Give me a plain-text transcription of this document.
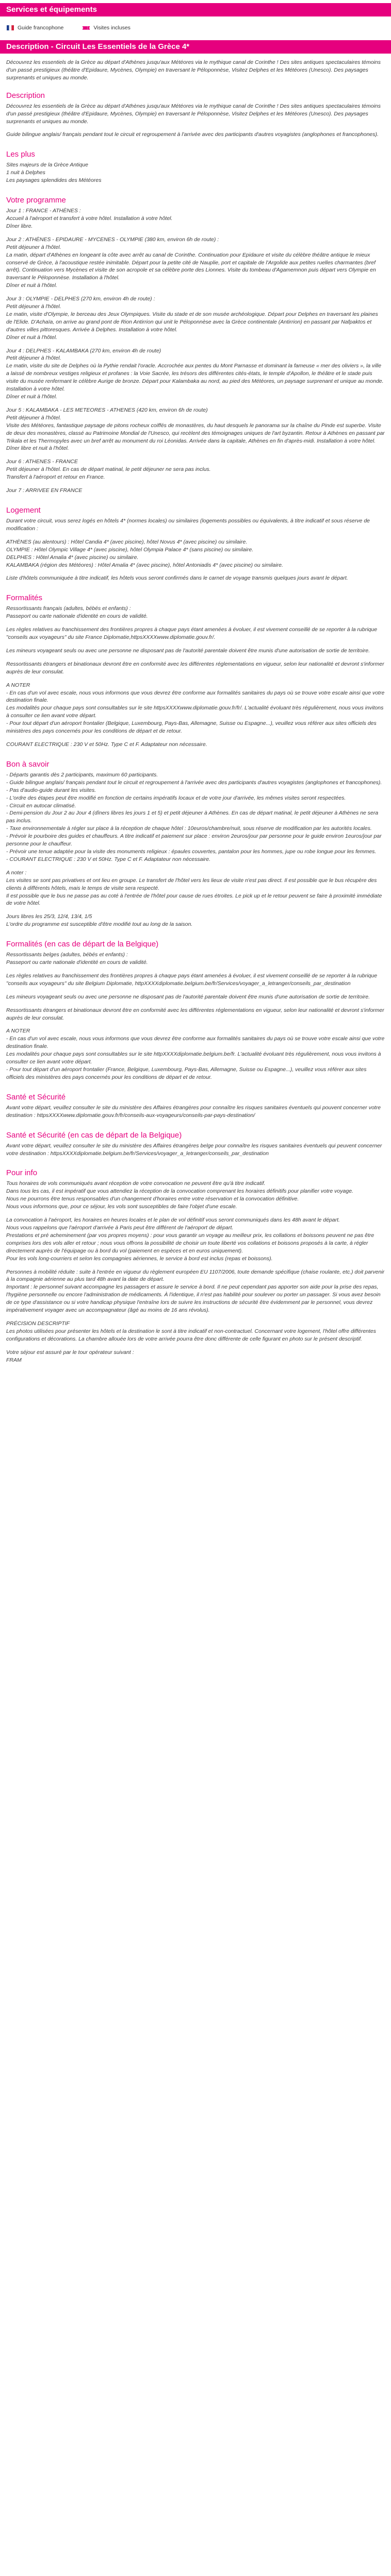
Services et équipements
Guide francophone	Visites incluses
Description - Circuit Les Essentiels de la Grèce 4*

Découvrez les essentiels de la Grèce au départ d'Athènes jusqu'aux Météores via le mythique canal de Corinthe ! Des sites antiques spectaculaires témoins d'un passé prestigieux (théâtre d'Epidaure, Mycènes, Olympie) en traversant le Péloponnèse, Visitez Delphes et les Météores (Unesco). Des paysages surprenants et uniques au monde.

Description

Découvrez les essentiels de la Grèce au départ d'Athènes jusqu'aux Météores via le mythique canal de Corinthe ! Des sites antiques spectaculaires témoins d'un passé prestigieux (théâtre d'Epidaure, Mycènes, Olympie) en traversant le Péloponnèse, Visitez Delphes et les Météores (Unesco). Des paysages surprenants et uniques au monde.

Guide bilingue anglais/ français pendant tout le circuit et regroupement à l'arrivée avec des participants d'autres voyagistes (anglophones et francophones).

Les plus

Sites majeurs de la Grèce Antique
1 nuit à Delphes
Les paysages splendides des Météores

Votre programme

Jour 1 : FRANCE - ATHÈNES :
Accueil à l'aéroport et transfert à votre hôtel. Installation à votre hôtel.
Dîner libre.

Jour 2 : ATHÈNES - EPIDAURE - MYCENES - OLYMPIE (380 km, environ 6h de route) :
Petit déjeuner à l'hôtel.
La matin, départ d'Athènes en longeant la côte avec arrêt au canal de Corinthe. Continuation pour Epidaure et visite du célèbre théâtre antique le mieux conservé de Grèce, à l'acoustique restée inimitable. Départ pour la petite cité de Nauplie, port et capitale de l'Argolide aux petites ruelles charmantes (bref arrêt). Continuation vers Mycènes et visite de son acropole et sa célèbre porte des Lionnes. Visite du tombeau d'Agamemnon puis départ vers Olympie en traversant le Péloponnèse. Installation à l'hôtel.
Dîner et nuit à l'hôtel.

Jour 3 : OLYMPIE - DELPHES (270 km, environ 4h de route) :
Petit déjeuner à l'hôtel.
Le matin, visite d'Olympie, le berceau des Jeux Olympiques. Visite du stade et de son musée archéologique. Départ pour Delphes en traversant les plaines de l'Elide. D'Achaïa, on arrive au grand pont de Rion Antirrion qui unit le Péloponnèse avec la Grèce continentale (Antirrion) en passant par Nafpaktos et d'autres villes pittoresques. Arrivée à Delphes. Installation à votre hôtel.
Dîner et nuit à l'hôtel.

Jour 4 : DELPHES - KALAMBAKA (270 km, environ 4h de route)
Petit déjeuner à l'hôtel.
Le matin, visite du site de Delphes où la Pythie rendait l'oracle. Accrochée aux pentes du Mont Parnasse et dominant la fameuse « mer des oliviers », la ville a laissé de nombreux vestiges religieux et profanes : la Voie Sacrée, les trésors des différentes cités-états, le temple d'Apollon, le théâtre et le stade puis visite du musée renfermant le célèbre Aurige de bronze. Départ pour Kalambaka au nord, au pied des Météores, un paysage surprenant et unique au monde. Installation à votre hôtel.
Dîner et nuit à l'hôtel.

Jour 5 : KALAMBAKA - LES METEORES - ATHENES (420 km, environ 6h de route)
Petit déjeuner à l'hôtel.
Visite des Météores, fantastique paysage de pitons rocheux coiffés de monastères, du haut desquels le panorama sur la chaîne du Pinde est superbe. Visite de deux des monastères, classé au Patrimoine Mondial de l'Unesco, qui recèlent des témoignages uniques de l'art byzantin. Retour à Athènes en passant par Trikala et les Thermopyles avec un bref arrêt au monument du roi Léonidas. Arrivée dans la capitale, Athènes en fin d'après-midi. Installation à votre hôtel.
Dîner libre et nuit à l'hôtel.

Jour 6 : ATHENES - FRANCE
Petit déjeuner à l'hôtel. En cas de départ matinal, le petit déjeuner ne sera pas inclus.
Transfert à l'aéroport et retour en France.

Jour 7 : ARRIVEE EN FRANCE

Logement

Durant votre circuit, vous serez logés en hôtels 4* (normes locales) ou similaires (logements possibles ou équivalents, à titre indicatif et sous réserve de modification :

ATHÈNES (au alentours) : Hôtel Candia 4* (avec piscine), hôtel Novus 4* (avec piscine) ou similaire.
OLYMPIE : Hôtel Olympic Village 4* (avec piscine), hôtel Olympia Palace 4* (sans piscine) ou similaire.
DELPHES : Hôtel Amalia 4* (avec piscine) ou similaire.
KALAMBAKA (région des Météores) : Hôtel Amalia 4* (avec piscine), hôtel Antoniadis 4* (avec piscine) ou similaire.

Liste d'hôtels communiquée à titre indicatif, les hôtels vous seront confirmés dans le carnet de voyage transmis quelques jours avant le départ.

Formalités

Ressortissants français (adultes, bébés et enfants) :
Passeport ou carte nationale d'identité en cours de validité.

Les règles relatives au franchissement des frontières propres à chaque pays étant amenées à évoluer, il est vivement conseillé de se reporter à la rubrique "conseils aux voyageurs" du site France Diplomatie,httpsXXXXwww.diplomatie.gouv.fr/.

Les mineurs voyageant seuls ou avec une personne ne disposant pas de l'autorité parentale doivent être munis d'une autorisation de sortie de territoire.

Ressortissants étrangers et binationaux devront être en conformité avec les différentes réglementations en vigueur, selon leur nationalité et devront s'informer auprès de leur consulat.

A NOTER
- En cas d'un vol avec escale, nous vous informons que vous devrez être conforme aux formalités sanitaires du pays où se trouve votre escale ainsi que votre destination finale.
Les modalités pour chaque pays sont consultables sur le site httpsXXXXwww.diplomatie.gouv.fr/fr/. L'actualité évoluant très régulièrement, nous vous invitons à consulter ce lien avant votre départ.
- Pour tout départ d'un aéroport frontalier (Belgique, Luxembourg, Pays-Bas, Allemagne, Suisse ou Espagne...), veuillez vous référer aux sites officiels des ministères des pays concernés pour les conditions de départ et de retour.

COURANT ELECTRIQUE : 230 V et 50Hz. Type C et F. Adaptateur non nécessaire.

Bon à savoir

- Départs garantis dès 2 participants, maximum 60 participants.
- Guide bilingue anglais/ français pendant tout le circuit et regroupement à l'arrivée avec des participants d'autres voyagistes (anglophones et francophones).
- Pas d'audio-guide durant les visites.
- L'ordre des étapes peut être modifié en fonction de certains impératifs locaux et de votre jour d'arrivée, les mêmes visites seront respectées.
- Circuit en autocar climatisé.
- Demi-pension du Jour 2 au Jour 4 (dîners libres les jours 1 et 5) et petit déjeuner à Athènes. En cas de départ matinal, le petit déjeuner à Athènes ne sera pas inclus.
- Taxe environnementale à régler sur place à la réception de chaque hôtel : 10euros/chambre/nuit, sous réserve de modification par les autorités locales.
- Prévoir le pourboire des guides et chauffeurs. A titre indicatif et paiement sur place : environ 2euros/jour par personne pour le guide environ 1euros/jour par personne pour le chauffeur.
- Prévoir une tenue adaptée pour la visite des monuments religieux : épaules couvertes, pantalon pour les hommes, jupe ou robe longue pour les femmes.
- COURANT ELECTRIQUE : 230 V et 50Hz. Type C et F. Adaptateur non nécessaire.

A noter :
Les visites se sont pas privatives et ont lieu en groupe. Le transfert de l'hôtel vers les lieux de visite n'est pas direct. Il est possible que le bus récupère des clients à différents hôtels, mais le temps de visite sera respecté.
Il est possible que le bus ne passe pas au coté à l'entrée de l'hôtel pour cause de rues étroites. Le pick up et le retour peuvent se faire à proximité immédiate de votre hôtel.

Jours libres les 25/3, 12/4, 13/4, 1/5
L'ordre du programme est susceptible d'être modifié tout au long de la saison.

Formalités (en cas de départ de la Belgique)

Ressortissants belges (adultes, bébés et enfants) :
Passeport ou carte nationale d'identité en cours de validité.

Les règles relatives au franchissement des frontières propres à chaque pays étant amenées à évoluer, il est vivement conseillé de se reporter à la rubrique "conseils aux voyageurs" du site Belgium Diplomatie, httpXXXXdiplomatie.belgium.be/fr/Services/voyager_a_letranger/conseils_par_destination

Les mineurs voyageant seuls ou avec une personne ne disposant pas de l'autorité parentale doivent être munis d'une autorisation de sortie de territoire.

Ressortissants étrangers et binationaux devront être en conformité avec les différentes réglementations en vigueur, selon leur nationalité et devront s'informer auprès de leur consulat.

A NOTER
- En cas d'un vol avec escale, nous vous informons que vous devrez être conforme aux formalités sanitaires du pays où se trouve votre escale ainsi que votre destination finale.
Les modalités pour chaque pays sont consultables sur le site httpXXXXdiplomatie.belgium.be/fr. L'actualité évoluant très régulièrement, nous vous invitons à consulter ce lien avant votre départ.
- Pour tout départ d'un aéroport frontalier (France, Belgique, Luxembourg, Pays-Bas, Allemagne, Suisse ou Espagne...), veuillez vous référer aux sites officiels des ministères des pays concernés pour les conditions de départ et de retour.

Santé et Sécurité

Avant votre départ, veuillez consulter le site du ministère des Affaires étrangères pour connaître les risques sanitaires éventuels qui pouvent concerner votre destination : httpsXXXXwww.diplomatie.gouv.fr/fr/conseils-aux-voyageurs/conseils-par-pays-destination/

Santé et Sécurité (en cas de départ de la Belgique)

Avant votre départ, veuillez consulter le site du ministère des Affaires étrangères belge pour connaître les risques sanitaires éventuels qui peuvent concerner votre destination : httpsXXXXdiplomatie.belgium.be/fr/Services/voyager_a_letranger/conseils_par_destination

Pour info

Tous horaires de vols communiqués avant réception de votre convocation ne peuvent être qu'à titre indicatif.
Dans tous les cas, il est impératif que vous attendiez la réception de la convocation comprenant les horaires définitifs pour planifier votre voyage.
Nous ne pourrons être tenus responsables d'un changement d'horaires entre votre réservation et la convocation définitive.
Nous vous informons que, pour ce séjour, les vols sont susceptibles de faire l'objet d'une escale.

La convocation à l'aéroport, les horaires en heures locales et le plan de vol définitif vous seront communiqués dans les 48h avant le départ.
Nous vous rappelons que l'aéroport d'arrivée à Paris peut être différent de l'aéroport de départ.
Prestations et pré acheminement (par vos propres moyens) : pour vous garantir un voyage au meilleur prix, les collations et boissons peuvent ne pas être comprises lors des vols aller et retour ; nous vous offrons la possibilité de choisir un toute liberté vos collations et boissons proposés à la carte, à régler directement auprès de l'équipage ou à bord du vol (paiement en espèces et en euros uniquement).
Pour les vols long-courriers et selon les compagnies aériennes, le service à bord est inclus (repas et boissons).

Personnes à mobilité réduite : suite à l'entrée en vigueur du règlement européen EU 1107/2006, toute demande spécifique (chaise roulante, etc.) doit parvenir à la compagnie aérienne au plus tard 48h avant la date de départ.
Important : le personnel suivant accompagne les passagers et assure le service à bord. Il ne peut cependant pas apporter son aide pour la prise des repas, l'hygiène personnelle ou encore l'administration de médicaments. À l'identique, il n'est pas habilité pour soulever ou porter un passager. Si vous avez besoin de ce type d'assistance ou si votre handicap physique l'entraîne lors de suivre les instructions de sécurité être évidemment par le personnel, vous devrez impérativement voyager avec un accompagnateur (âgé au moins de 16 ans révolus).

PRÉCISION DESCRIPTIF
Les photos utilisées pour présenter les hôtels et la destination le sont à titre indicatif et non-contractuel. Concernant votre logement, l'hôtel offre différentes configurations et décorations. La chambre allouée lors de votre arrivée pourra être donc différente de celle figurant en photo sur le présent descriptif.

Votre séjour est assuré par le tour opérateur suivant :
FRAM
